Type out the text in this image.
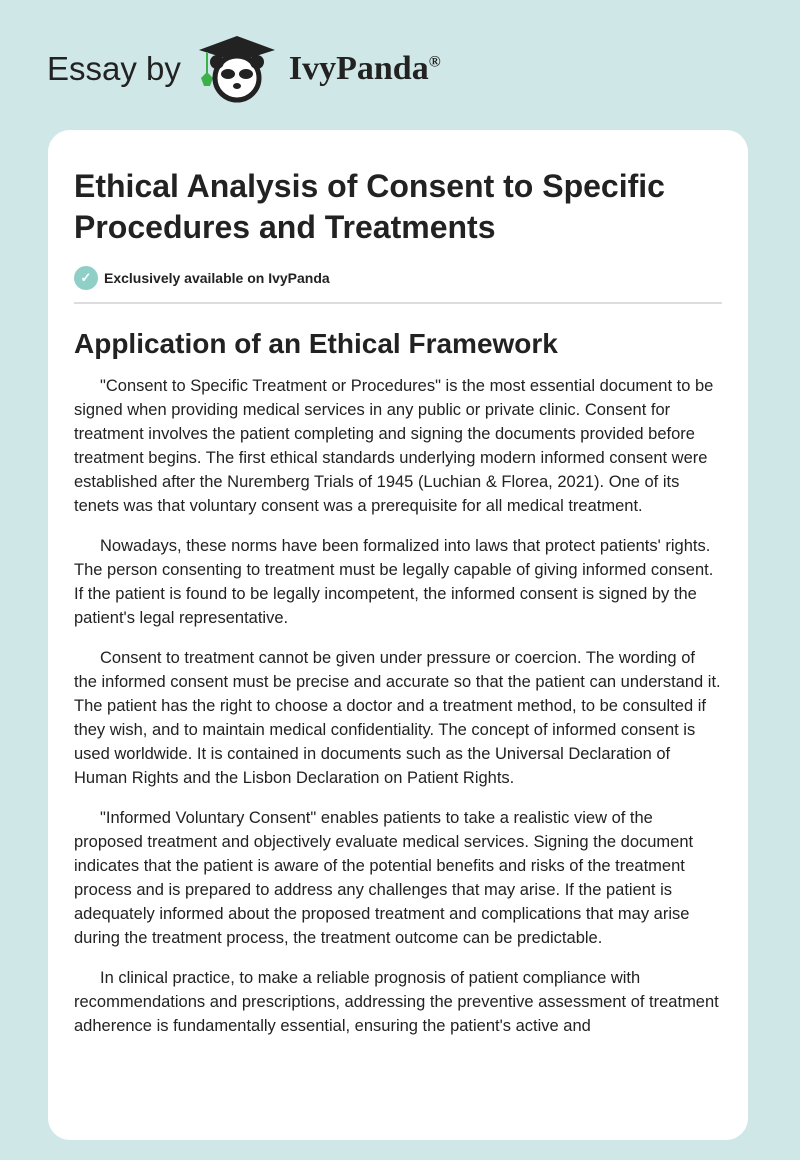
Essay by	IvyPanda®
Ethical Analysis of Consent to Specific Procedures and Treatments
✓ Exclusively available on IvyPanda
Application of an Ethical Framework

"Consent to Specific Treatment or Procedures" is the most essential document to be signed when providing medical services in any public or private clinic. Consent for treatment involves the patient completing and signing the documents provided before treatment begins. The first ethical standards underlying modern informed consent were established after the Nuremberg Trials of 1945 (Luchian & Florea, 2021). One of its tenets was that voluntary consent was a prerequisite for all medical treatment.

Nowadays, these norms have been formalized into laws that protect patients' rights. The person consenting to treatment must be legally capable of giving informed consent. If the patient is found to be legally incompetent, the informed consent is signed by the patient's legal representative.

Consent to treatment cannot be given under pressure or coercion. The wording of the informed consent must be precise and accurate so that the patient can understand it. The patient has the right to choose a doctor and a treatment method, to be consulted if they wish, and to maintain medical confidentiality. The concept of informed consent is used worldwide. It is contained in documents such as the Universal Declaration of Human Rights and the Lisbon Declaration on Patient Rights.

"Informed Voluntary Consent" enables patients to take a realistic view of the proposed treatment and objectively evaluate medical services. Signing the document indicates that the patient is aware of the potential benefits and risks of the treatment process and is prepared to address any challenges that may arise. If the patient is adequately informed about the proposed treatment and complications that may arise during the treatment process, the treatment outcome can be predictable.

In clinical practice, to make a reliable prognosis of patient compliance with recommendations and prescriptions, addressing the preventive assessment of treatment adherence is fundamentally essential, ensuring the patient's active and
